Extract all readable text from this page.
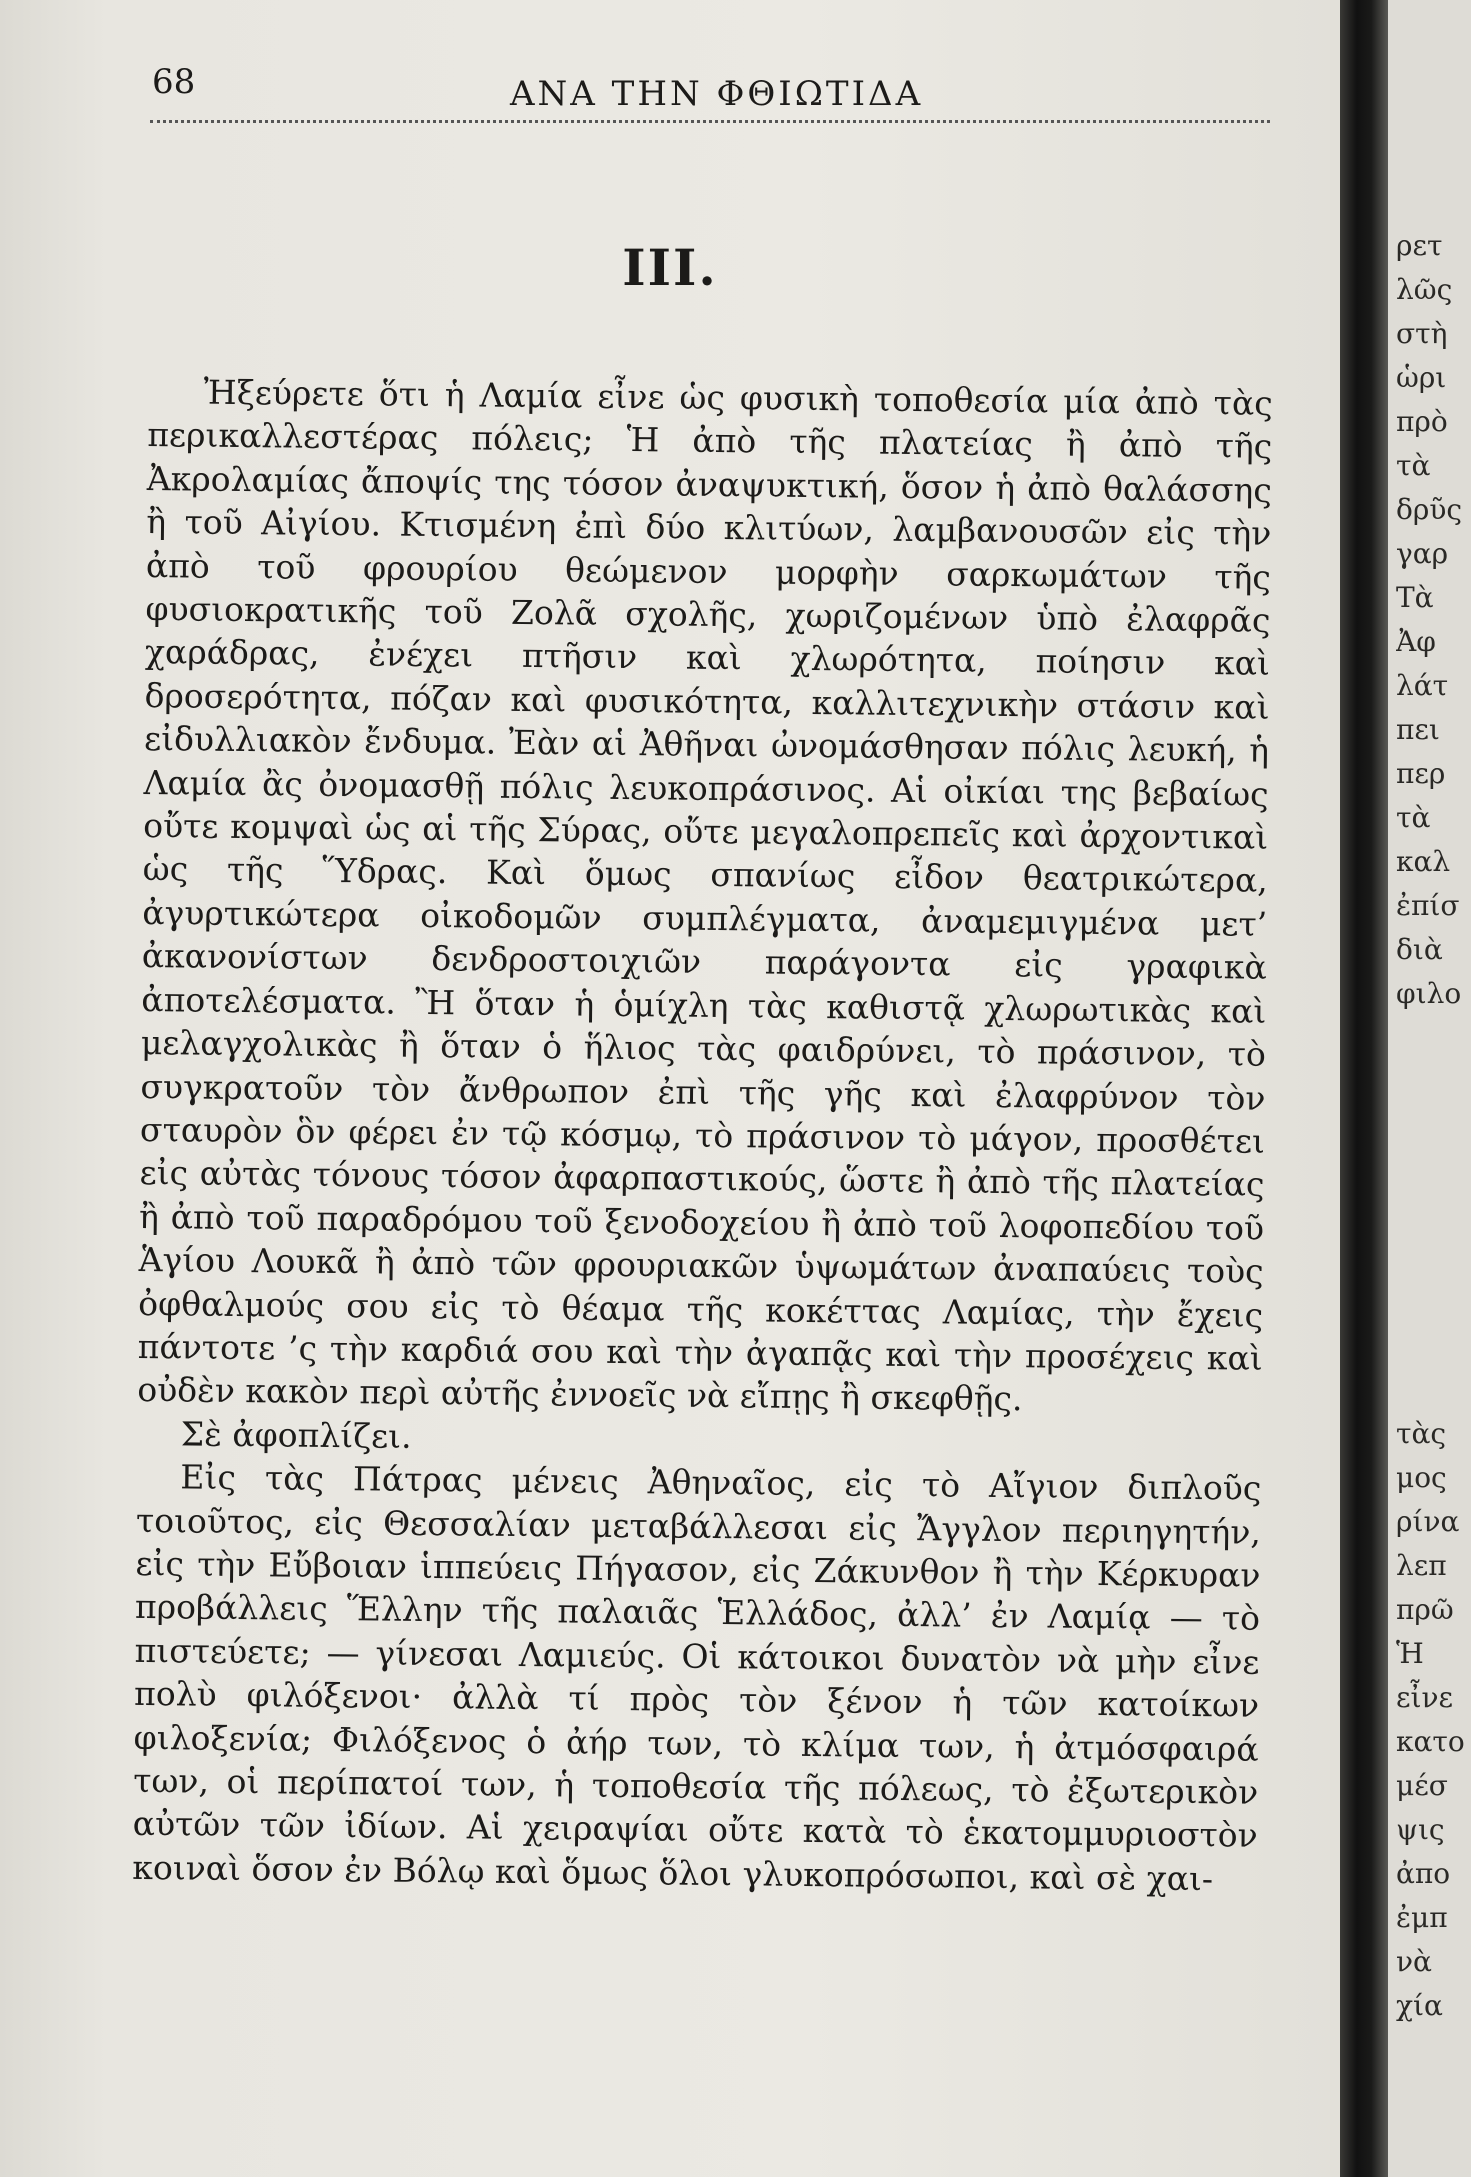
68	ΑΝΑ ΤΗΝ ΦΘΙΩΤΙΔΑ
III.

Ἠξεύρετε ὅτι ἡ Λαμία εἶνε ὡς φυσικὴ τοποθεσία μία ἀπὸ τὰς περικαλλεστέρας πόλεις; Ἡ ἀπὸ τῆς πλατείας ἢ ἀπὸ τῆς Ἀκρολαμίας ἄποψίς της τόσον ἀναψυκτική, ὅσον ἡ ἀπὸ θαλάσσης ἢ τοῦ Αἰγίου. Κτισμένη ἐπὶ δύο κλιτύων, λαμβανουσῶν εἰς τὴν ἀπὸ τοῦ φρουρίου θεώμενον μορφὴν σαρκωμάτων τῆς φυσιοκρατικῆς τοῦ Ζολᾶ σχολῆς, χωριζομένων ὑπὸ ἐλαφρᾶς χαράδρας, ἐνέχει πτῆσιν καὶ χλωρότητα, ποίησιν καὶ δροσερότητα, πόζαν καὶ φυσικότητα, καλλιτεχνικὴν στάσιν καὶ εἰδυλλιακὸν ἔνδυμα. Ἐὰν αἱ Ἀθῆναι ὠνομάσθησαν πόλις λευκή, ἡ Λαμία ἂς ὀνομασθῇ πόλις λευκοπράσινος. Αἱ οἰκίαι της βεβαίως οὔτε κομψαὶ ὡς αἱ τῆς Σύρας, οὔτε μεγαλοπρεπεῖς καὶ ἀρχοντικαὶ ὡς τῆς Ὕδρας. Καὶ ὅμως σπανίως εἶδον θεατρικώτερα, ἀγυρτικώτερα οἰκοδομῶν συμπλέγματα, ἀναμεμιγμένα μετ’ ἀκανονίστων δενδροστοιχιῶν παράγοντα εἰς γραφικὰ ἀποτελέσματα. Ἢ ὅταν ἡ ὁμίχλη τὰς καθιστᾷ χλωρωτικὰς καὶ μελαγχολικὰς ἢ ὅταν ὁ ἥλιος τὰς φαιδρύνει, τὸ πράσινον, τὸ συγκρατοῦν τὸν ἄνθρωπον ἐπὶ τῆς γῆς καὶ ἐλαφρύνον τὸν σταυρὸν ὃν φέρει ἐν τῷ κόσμῳ, τὸ πράσινον τὸ μάγον, προσθέτει εἰς αὐτὰς τόνους τόσον ἀφαρπαστικούς, ὥστε ἢ ἀπὸ τῆς πλατείας ἢ ἀπὸ τοῦ παραδρόμου τοῦ ξενοδοχείου ἢ ἀπὸ τοῦ λοφοπεδίου τοῦ Ἁγίου Λουκᾶ ἢ ἀπὸ τῶν φρουριακῶν ὑψωμάτων ἀναπαύεις τοὺς ὀφθαλμούς σου εἰς τὸ θέαμα τῆς κοκέττας Λαμίας, τὴν ἔχεις πάντοτε ’ς τὴν καρδιά σου καὶ τὴν ἀγαπᾷς καὶ τὴν προσέχεις καὶ οὐδὲν κακὸν περὶ αὐτῆς ἐννοεῖς νὰ εἴπῃς ἢ σκεφθῇς.

Σὲ ἀφοπλίζει.

Εἰς τὰς Πάτρας μένεις Ἀθηναῖος, εἰς τὸ Αἴγιον διπλοῦς τοιοῦτος, εἰς Θεσσαλίαν μεταβάλλεσαι εἰς Ἄγγλον περιηγητήν, εἰς τὴν Εὔβοιαν ἱππεύεις Πήγασον, εἰς Ζάκυνθον ἢ τὴν Κέρκυραν προβάλλεις Ἕλλην τῆς παλαιᾶς Ἑλλάδος, ἀλλ’ ἐν Λαμίᾳ — τὸ πιστεύετε; — γίνεσαι Λαμιεύς. Οἱ κάτοικοι δυνατὸν νὰ μὴν εἶνε πολὺ φιλόξενοι· ἀλλὰ τί πρὸς τὸν ξένον ἡ τῶν κατοίκων φιλοξενία; Φιλόξενος ὁ ἀήρ των, τὸ κλίμα των, ἡ ἀτμόσφαιρά των, οἱ περίπατοί των, ἡ τοποθεσία τῆς πόλεως, τὸ ἐξωτερικὸν αὐτῶν τῶν ἰδίων. Αἱ χειραψίαι οὔτε κατὰ τὸ ἑκατομμυριοστὸν κοιναὶ ὅσον ἐν Βόλῳ καὶ ὅμως ὅλοι γλυκοπρόσωποι, καὶ σὲ χαι-

ρετ
λῶς
στὴ
ὡρι
πρὸ
τὰ
δρῦς
γαρ
Τὰ
Ἀφ
λάτ
πει
περ
τὰ
καλ
ἐπίσ
διὰ
φιλο
τὰς
μος
ρίνα
λεπ
πρῶ
Ἡ
εἶνε
κατο
μέσ
ψις
ἀπο
ἐμπ
νὰ
χία
